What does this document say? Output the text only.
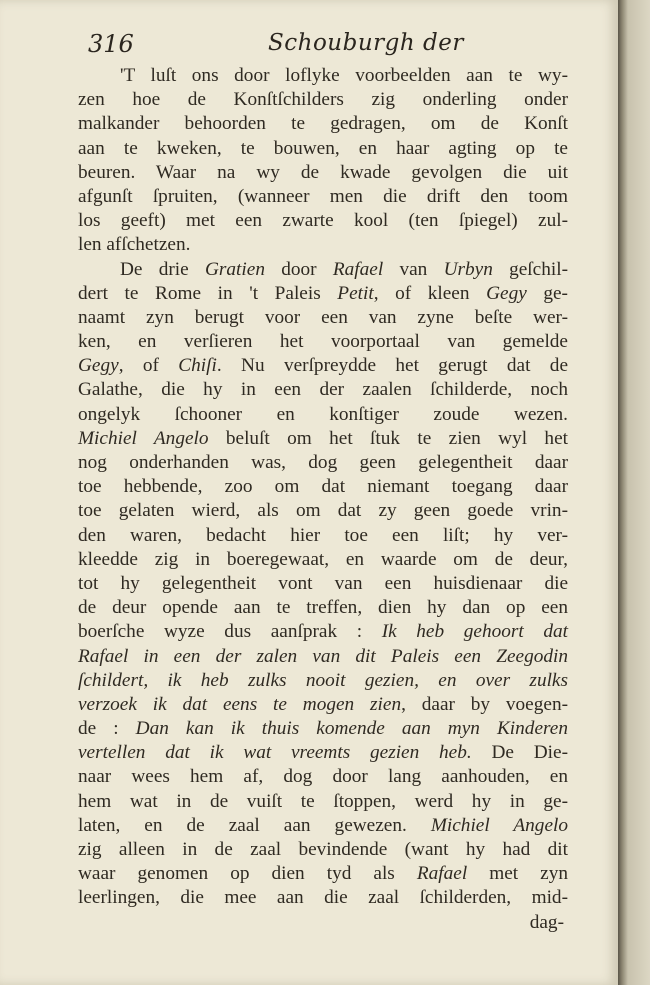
316	Schouburgh der
'T luſt ons door loflyke voorbeelden aan te wy-
zen hoe de Konſtſchilders zig onderling onder
malkander behoorden te gedragen, om de Konſt
aan te kweken, te bouwen, en haar agting op te
beuren. Waar na wy de kwade gevolgen die uit
afgunſt ſpruiten, (wanneer men die drift den toom
los geeft) met een zwarte kool (ten ſpiegel) zul-
len afſchetzen.
De drie Gratien door Rafael van Urbyn geſchil-
dert te Rome in 't Paleis Petit, of kleen Gegy ge-
naamt zyn berugt voor een van zyne beſte wer-
ken, en verſieren het voorportaal van gemelde
Gegy, of Chiſi. Nu verſpreydde het gerugt dat de
Galathe, die hy in een der zaalen ſchilderde, noch
ongelyk ſchooner en konſtiger zoude wezen.
Michiel Angelo beluſt om het ſtuk te zien wyl het
nog onderhanden was, dog geen gelegentheit daar
toe hebbende, zoo om dat niemant toegang daar
toe gelaten wierd, als om dat zy geen goede vrin-
den waren, bedacht hier toe een liſt; hy ver-
kleedde zig in boeregewaat, en waarde om de deur,
tot hy gelegentheit vont van een huisdienaar die
de deur opende aan te treffen, dien hy dan op een
boerſche wyze dus aanſprak : Ik heb gehoort dat
Rafael in een der zalen van dit Paleis een Zeegodin
ſchildert, ik heb zulks nooit gezien, en over zulks
verzoek ik dat eens te mogen zien, daar by voegen-
de : Dan kan ik thuis komende aan myn Kinderen
vertellen dat ik wat vreemts gezien heb. De Die-
naar wees hem af, dog door lang aanhouden, en
hem wat in de vuiſt te ſtoppen, werd hy in ge-
laten, en de zaal aan gewezen. Michiel Angelo
zig alleen in de zaal bevindende (want hy had dit
waar genomen op dien tyd als Rafael met zyn
leerlingen, die mee aan die zaal ſchilderden, mid-
dag-
